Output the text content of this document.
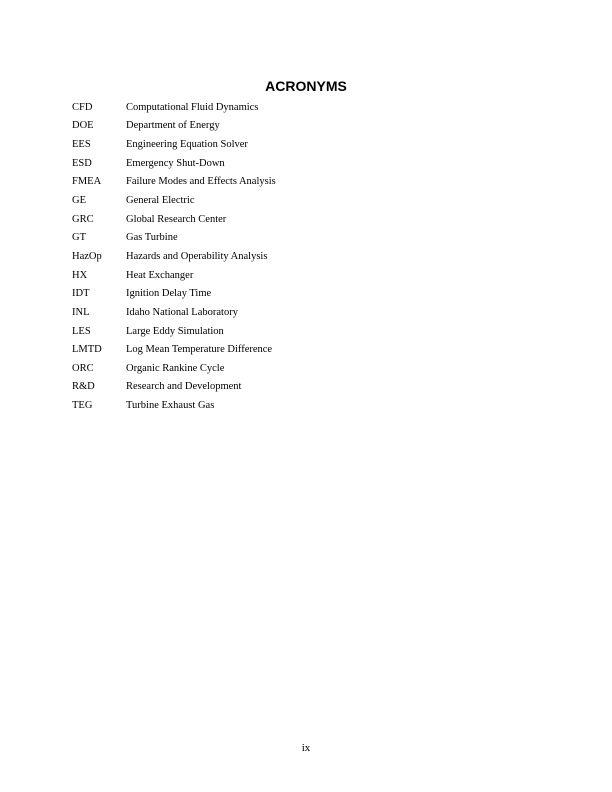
ACRONYMS
CFD	Computational Fluid Dynamics
DOE	Department of Energy
EES	Engineering Equation Solver
ESD	Emergency Shut-Down
FMEA	Failure Modes and Effects Analysis
GE	General Electric
GRC	Global Research Center
GT	Gas Turbine
HazOp	Hazards and Operability Analysis
HX	Heat Exchanger
IDT	Ignition Delay Time
INL	Idaho National Laboratory
LES	Large Eddy Simulation
LMTD	Log Mean Temperature Difference
ORC	Organic Rankine Cycle
R&D	Research and Development
TEG	Turbine Exhaust Gas
ix
